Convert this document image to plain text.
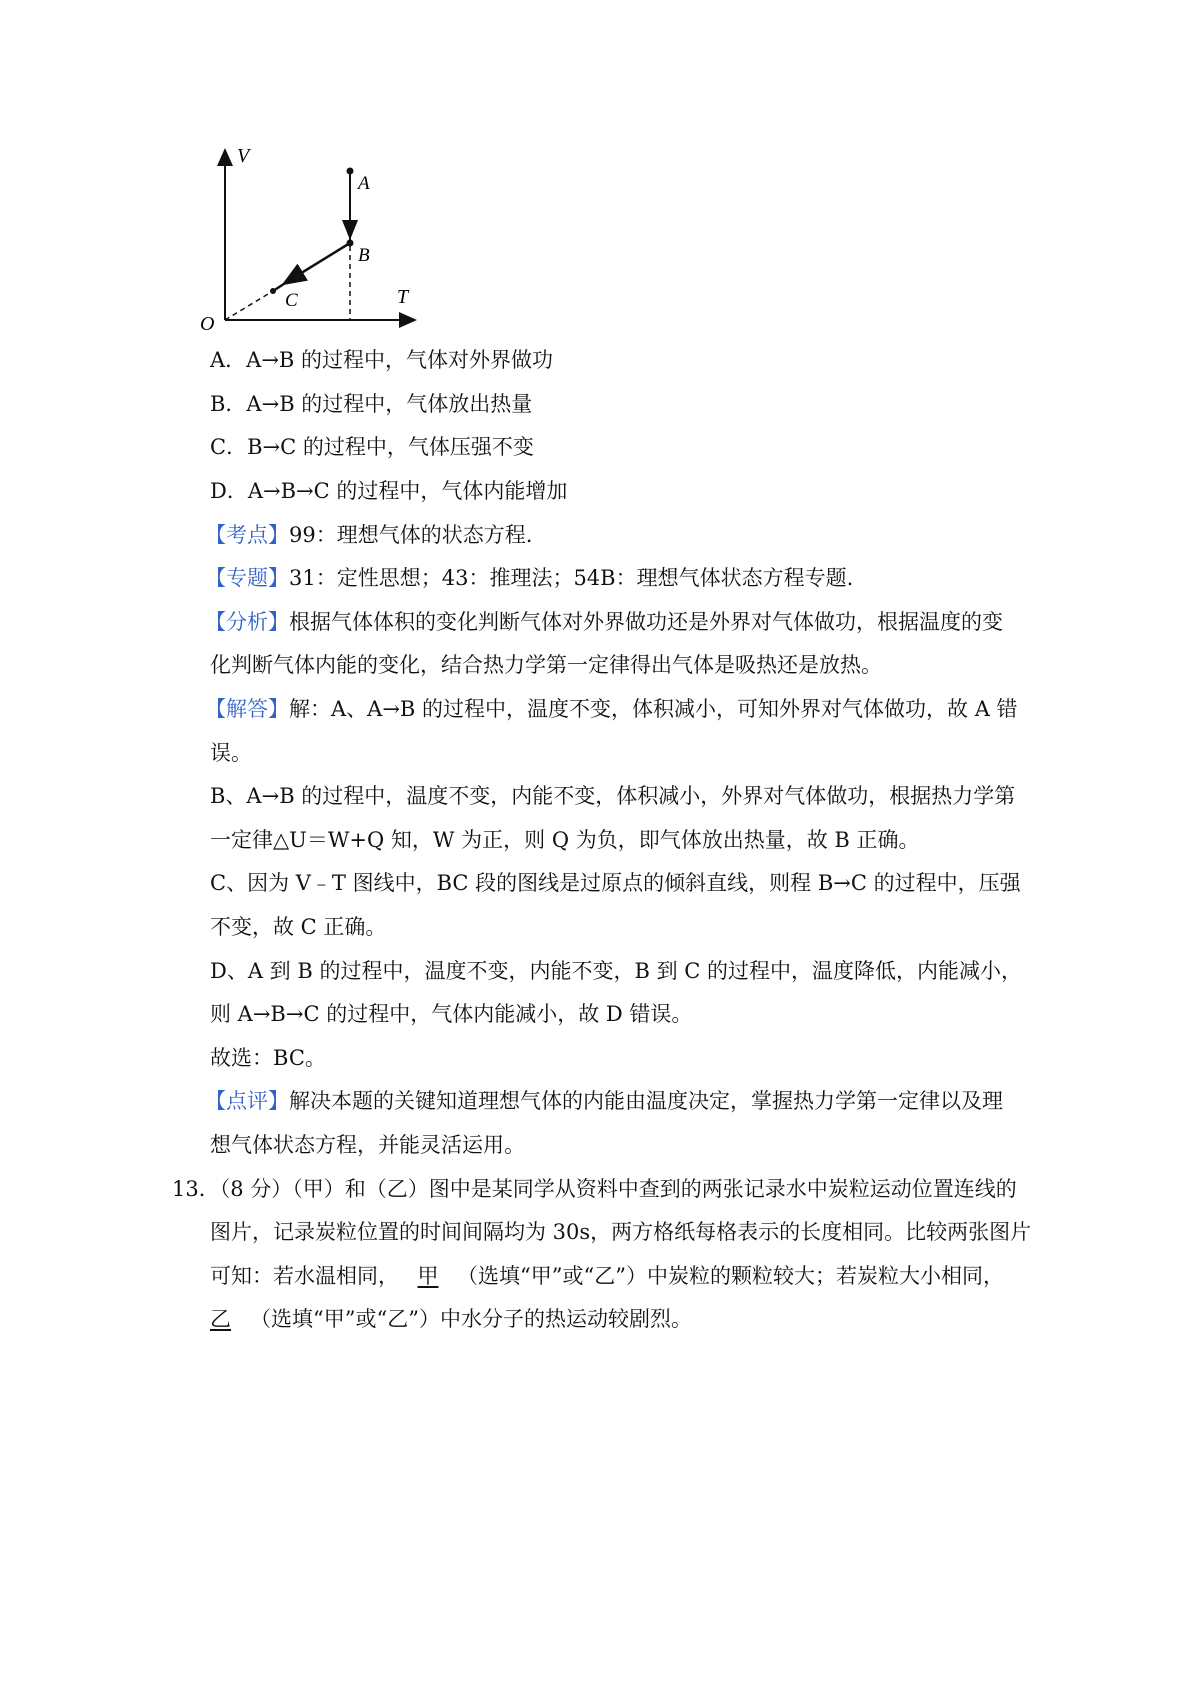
V
A
B
C	T
O
A．A→B 的过程中，气体对外界做功
B．A→B 的过程中，气体放出热量
C．B→C 的过程中，气体压强不变
D．A→B→C 的过程中，气体内能增加
【考点】99：理想气体的状态方程.
【专题】31：定性思想；43：推理法；54B：理想气体状态方程专题.
【分析】根据气体体积的变化判断气体对外界做功还是外界对气体做功，根据温度的变
化判断气体内能的变化，结合热力学第一定律得出气体是吸热还是放热。
【解答】解：A、A→B 的过程中，温度不变，体积减小，可知外界对气体做功，故 A 错
误。
B、A→B 的过程中，温度不变，内能不变，体积减小，外界对气体做功，根据热力学第
一定律△U＝W+Q 知，W 为正，则 Q 为负，即气体放出热量，故 B 正确。
C、因为 V﹣T 图线中，BC 段的图线是过原点的倾斜直线，则程 B→C 的过程中，压强
不变，故 C 正确。
D、A 到 B 的过程中，温度不变，内能不变，B 到 C 的过程中，温度降低，内能减小，
则 A→B→C 的过程中，气体内能减小，故 D 错误。
故选：BC。
【点评】解决本题的关键知道理想气体的内能由温度决定，掌握热力学第一定律以及理
想气体状态方程，并能灵活运用。
13．（8 分）（甲）和（乙）图中是某同学从资料中查到的两张记录水中炭粒运动位置连线的
图片，记录炭粒位置的时间间隔均为 30s，两方格纸每格表示的长度相同。比较两张图片
可知：若水温相同， 甲 （选填“甲”或“乙”）中炭粒的颗粒较大；若炭粒大小相同，
乙 （选填“甲”或“乙”）中水分子的热运动较剧烈。
